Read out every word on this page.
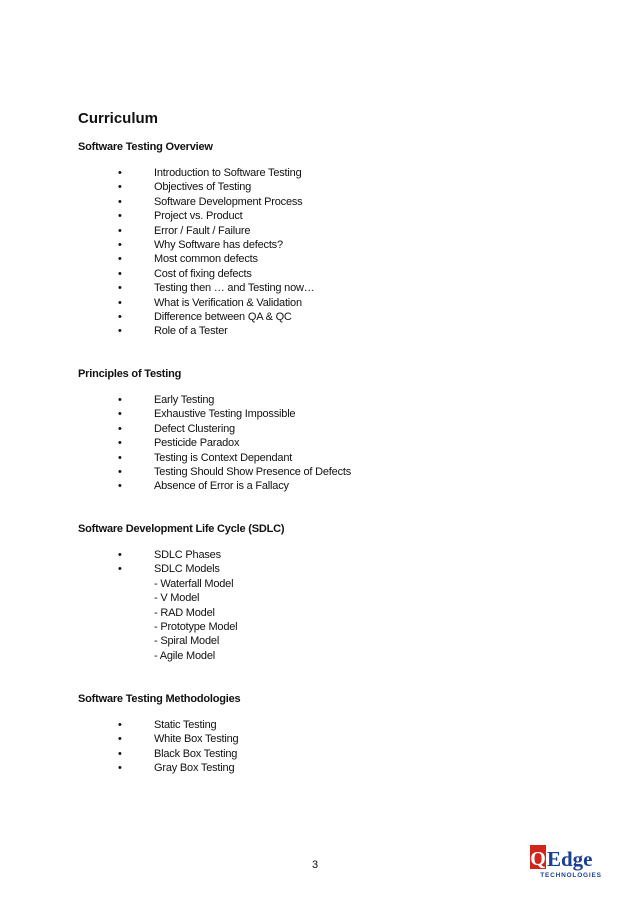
Curriculum

Software Testing Overview

•	Introduction to Software Testing
•	Objectives of Testing
•	Software Development Process
•	Project vs. Product
•	Error / Fault / Failure
•	Why Software has defects?
•	Most common defects
•	Cost of fixing defects
•	Testing then … and Testing now…
•	What is Verification & Validation
•	Difference between QA & QC
•	Role of a Tester

Principles of Testing

•	Early Testing
•	Exhaustive Testing Impossible
•	Defect Clustering
•	Pesticide Paradox
•	Testing is Context Dependant
•	Testing Should Show Presence of Defects
•	Absence of Error is a Fallacy

Software Development Life Cycle (SDLC)

•	SDLC Phases
•	SDLC Models
- Waterfall Model
- V Model
- RAD Model
- Prototype Model
- Spiral Model
- Agile Model

Software Testing Methodologies

•	Static Testing
•	White Box Testing
•	Black Box Testing
•	Gray Box Testing
3	Q Edge
TECHNOLOGIES
